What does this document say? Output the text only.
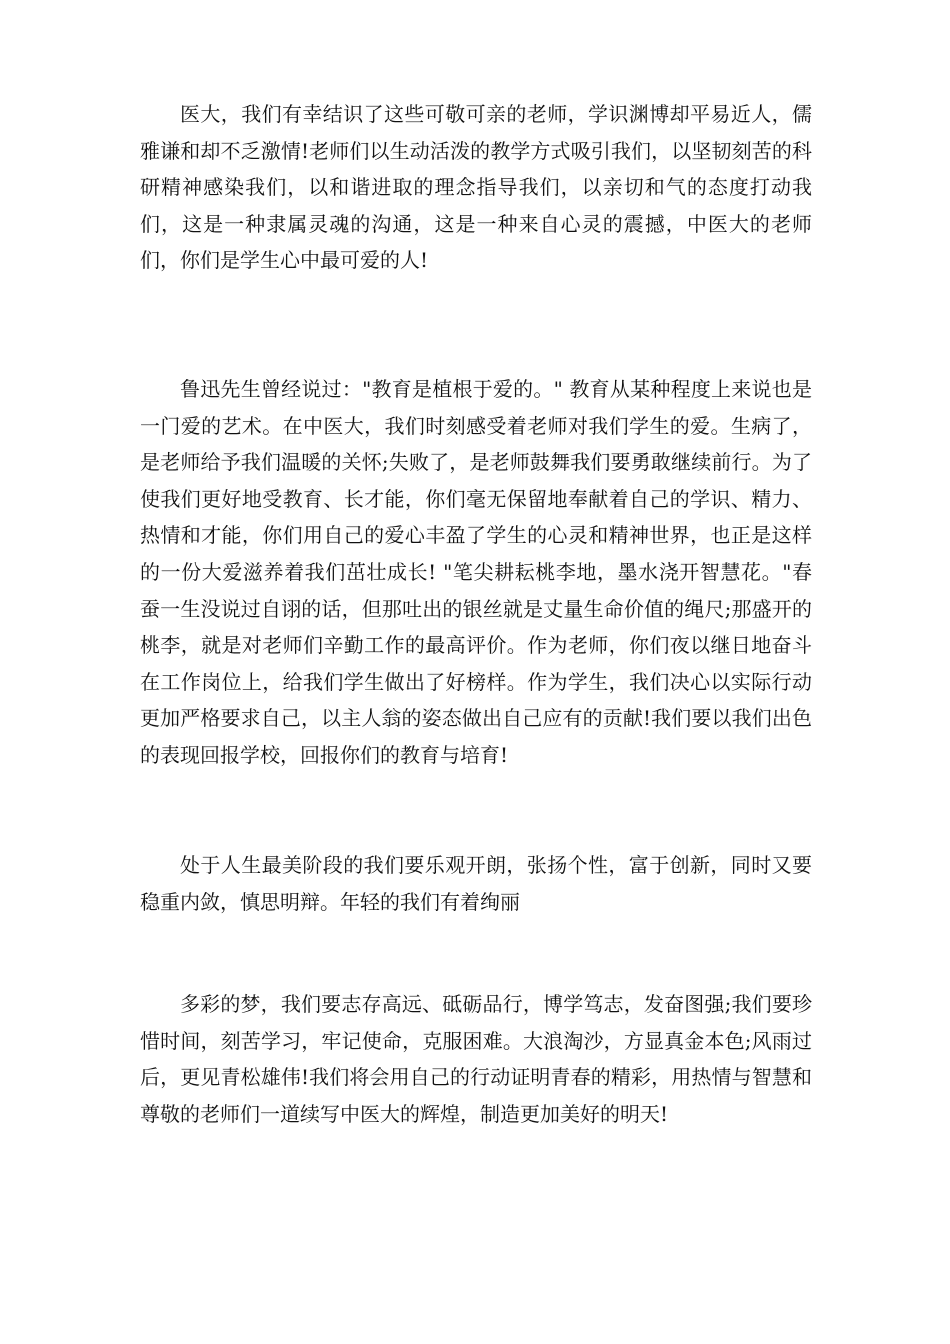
医大，我们有幸结识了这些可敬可亲的老师，学识渊博却平易近人，儒雅谦和却不乏激情!老师们以生动活泼的教学方式吸引我们，以坚韧刻苦的科研精神感染我们，以和谐进取的理念指导我们，以亲切和气的态度打动我们，这是一种隶属灵魂的沟通，这是一种来自心灵的震撼，中医大的老师们，你们是学生心中最可爱的人!

鲁迅先生曾经说过："教育是植根于爱的。" 教育从某种程度上来说也是一门爱的艺术。在中医大，我们时刻感受着老师对我们学生的爱。生病了，是老师给予我们温暖的关怀;失败了，是老师鼓舞我们要勇敢继续前行。为了使我们更好地受教育、长才能，你们毫无保留地奉献着自己的学识、精力、热情和才能，你们用自己的爱心丰盈了学生的心灵和精神世界，也正是这样的一份大爱滋养着我们茁壮成长! "笔尖耕耘桃李地，墨水浇开智慧花。"春蚕一生没说过自诩的话，但那吐出的银丝就是丈量生命价值的绳尺;那盛开的桃李，就是对老师们辛勤工作的最高评价。作为老师，你们夜以继日地奋斗在工作岗位上，给我们学生做出了好榜样。作为学生，我们决心以实际行动更加严格要求自己，以主人翁的姿态做出自己应有的贡献!我们要以我们出色的表现回报学校，回报你们的教育与培育!

处于人生最美阶段的我们要乐观开朗，张扬个性，富于创新，同时又要稳重内敛，慎思明辩。年轻的我们有着绚丽

多彩的梦，我们要志存高远、砥砺品行，博学笃志，发奋图强;我们要珍惜时间，刻苦学习，牢记使命，克服困难。大浪淘沙，方显真金本色;风雨过后，更见青松雄伟!我们将会用自己的行动证明青春的精彩，用热情与智慧和尊敬的老师们一道续写中医大的辉煌，制造更加美好的明天!
